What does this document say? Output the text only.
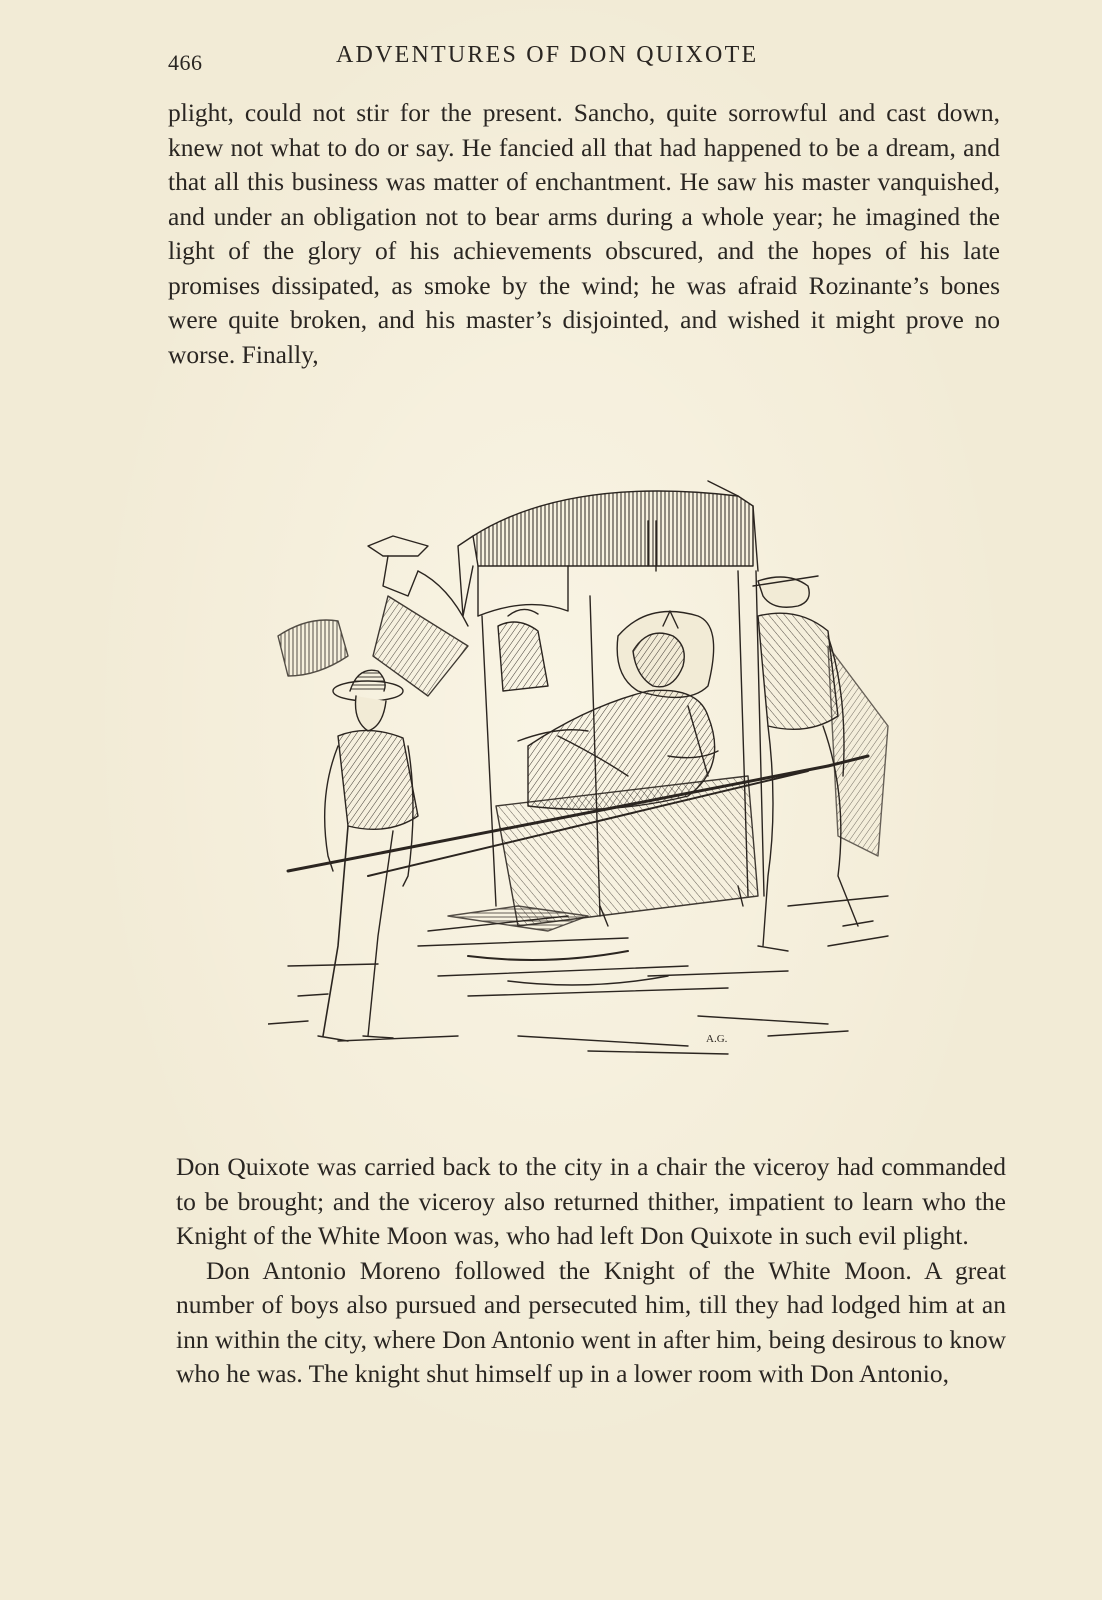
466	ADVENTURES OF DON QUIXOTE

plight, could not stir for the present. Sancho, quite sorrowful and cast down, knew not what to do or say. He fancied all that had happened to be a dream, and that all this business was matter of enchantment. He saw his master vanquished, and under an obligation not to bear arms during a whole year; he imagined the light of the glory of his achievements obscured, and the hopes of his late promises dissipated, as smoke by the wind; he was afraid Rozinante’s bones were quite broken, and his master’s disjointed, and wished it might prove no worse. Finally,

A.G.

Don Quixote was carried back to the city in a chair the viceroy had commanded to be brought; and the viceroy also returned thither, impatient to learn who the Knight of the White Moon was, who had left Don Quixote in such evil plight.

Don Antonio Moreno followed the Knight of the White Moon. A great number of boys also pursued and persecuted him, till they had lodged him at an inn within the city, where Don Antonio went in after him, being desirous to know who he was. The knight shut himself up in a lower room with Don Antonio,
